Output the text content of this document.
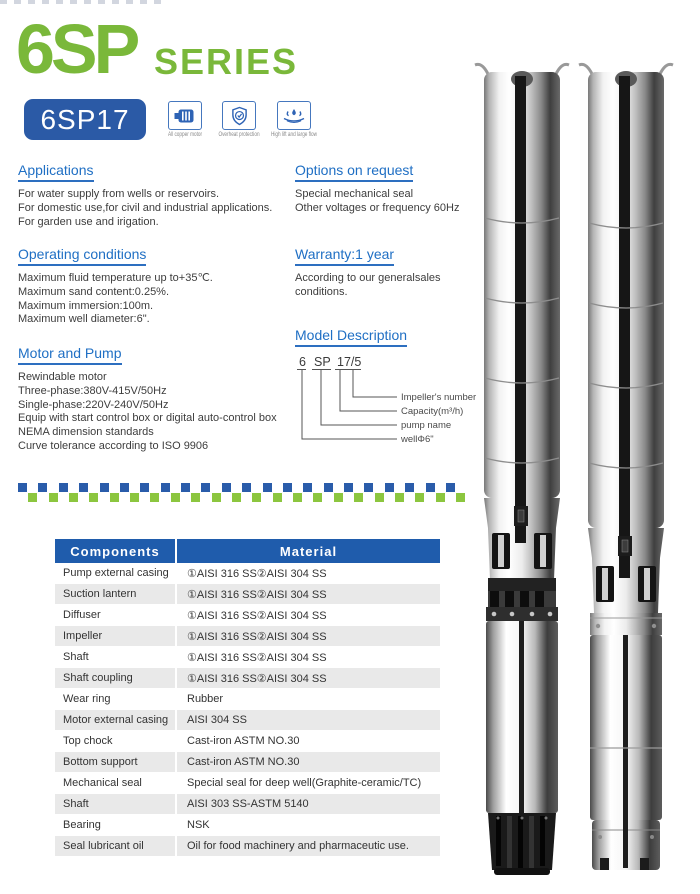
6SP SERIES
6SP17
All copper motor	Overheat protection High lift and large flow
Applications
For water supply from wells or reservoirs.
For domestic use,for civil and industrial applications.
For garden use and irigation.
Options on request
Special mechanical seal
Other voltages or frequency 60Hz
Operating conditions
Maximum fluid temperature up to+35℃.
Maximum sand content:0.25%.
Maximum immersion:100m.
Maximum well diameter:6".
Warranty:1 year
According to our generalsales
conditions.
Motor and Pump
Rewindable motor
Three-phase:380V-415V/50Hz
Single-phase:220V-240V/50Hz
Equip with start control box or digital auto-control box
NEMA dimension standards
Curve tolerance according to ISO 9906
Model Description
6 SP 17/5
Impeller's number
Capacity(m³/h)
pump name
wellΦ6"
Components	Material
Pump external casing	①AISI 316 SS②AISI 304 SS
Suction lantern	①AISI 316 SS②AISI 304 SS
Diffuser	①AISI 316 SS②AISI 304 SS
Impeller	①AISI 316 SS②AISI 304 SS
Shaft	①AISI 316 SS②AISI 304 SS
Shaft coupling	①AISI 316 SS②AISI 304 SS
Wear ring	Rubber
Motor external casing	AISI 304 SS
Top chock	Cast-iron ASTM NO.30
Bottom support	Cast-iron ASTM NO.30
Mechanical seal	Special seal for deep well(Graphite-ceramic/TC)
Shaft	AISI 303 SS-ASTM 5140
Bearing	NSK
Seal lubricant oil	Oil for food machinery and pharmaceutic use.
